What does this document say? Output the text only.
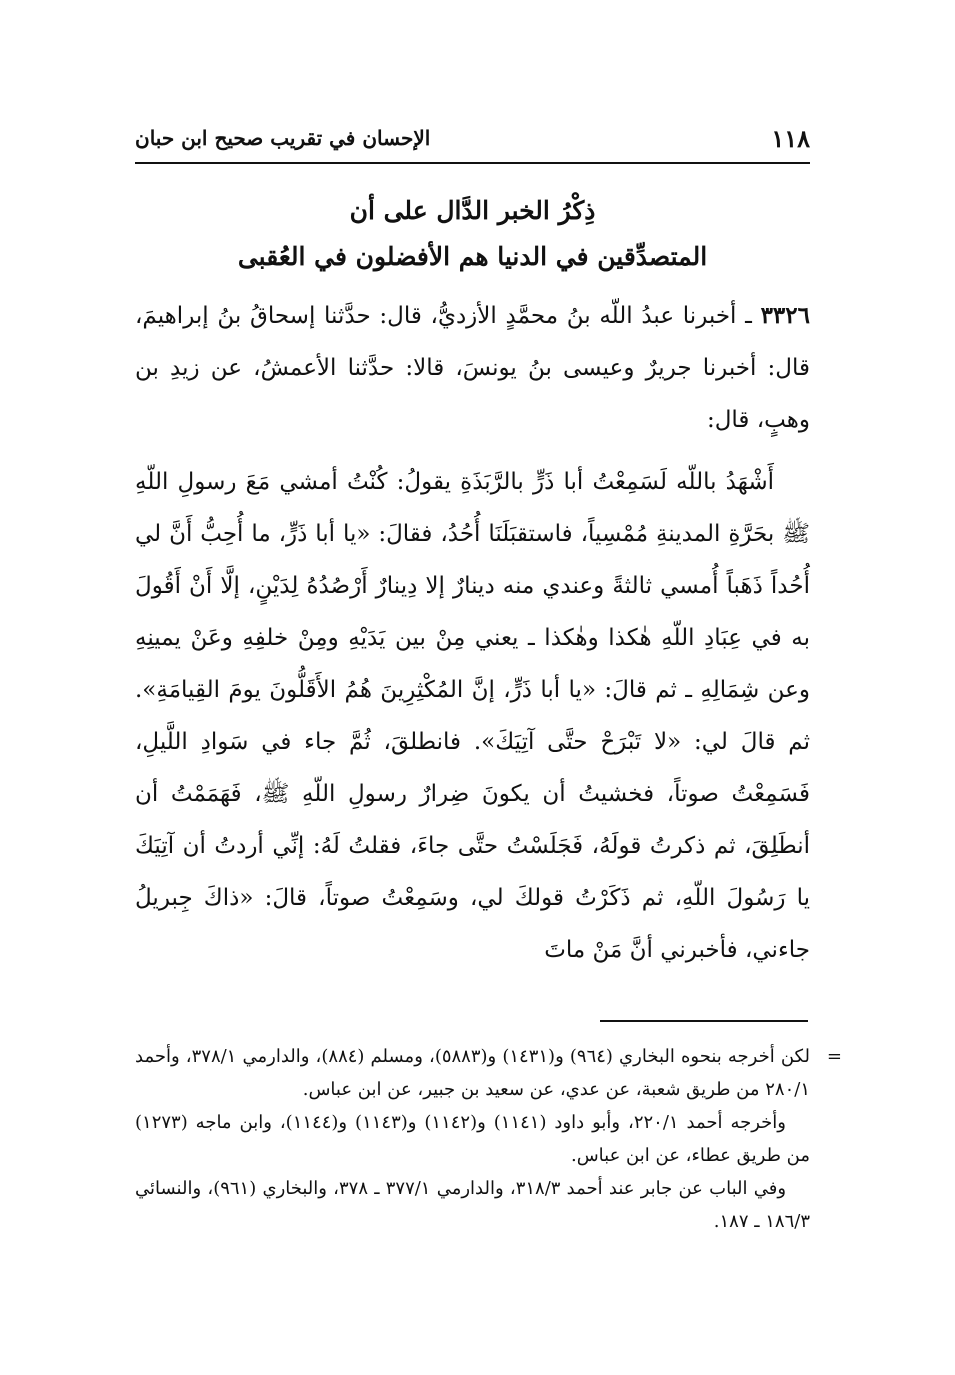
١١٨
الإحسان في تقريب صحيح ابن حبان
ذِكْرُ الخبر الدَّال على أن
المتصدِّقين في الدنيا هم الأفضلون في العُقبى

٣٣٢٦ ـ أخبرنا عبدُ اللّه بنُ محمَّدٍ الأزديُّ، قال: حدَّثنا إسحاقُ بنُ إبراهيمَ، قال: أخبرنا جريرٌ وعيسى بنُ يونسَ، قالا: حدَّثنا الأعمشُ، عن زيدِ بن وهبٍ، قال:

أَشْهَدُ باللّه لَسَمِعْتُ أبا ذَرٍّ بالرَّبَذَةِ يقولُ: كُنْتُ أمشي مَعَ رسولِ اللّهِ ﷺ بحَرَّةِ المدينةِ مُمْسِياً، فاستقبَلَنَا أُحُدُ، فقالَ: «يا أبا ذَرٍّ، ما أُحِبُّ أَنَّ لي أُحُداً ذَهَباً أُمسي ثالثةً وعندي منه دينارٌ إلا دِينارٌ أَرْصُدُهُ لِدَيْنٍ، إلَّا أَنْ أَقُولَ به في عِبَادِ اللّهِ هٰكذا وهٰكذا ـ يعني مِنْ بين يَدَيْهِ ومِنْ خلفِهِ وعَنْ يمينِهِ وعن شِمَالِهِ ـ ثم قالَ: «يا أبا ذَرٍّ، إنَّ المُكْثِرِينَ هُمُ الأَقَلُّونَ يومَ القِيامَةِ». ثم قالَ لي: «لا تَبْرَحْ حتَّى آتِيَكَ». فانطلقَ، ثُمَّ جاء في سَوادِ اللَّيلِ، فَسَمِعْتُ صوتاً، فخشيتُ أن يكونَ ضِرارٌ رسولِ اللّهِ ﷺ، فَهَمَمْتُ أن أنطَلِقَ، ثم ذكرتُ قولَهُ، فَجَلَسْتُ حتَّى جاءَ، فقلتُ لَهُ: إنِّي أردتُ أن آتِيَكَ يا رَسُولَ اللّهِ، ثم ذَكَرْتُ قولكَ لي، وسَمِعْتُ صوتاً، قالَ: «ذاكَ جِبريلُ جاءني، فأخبرني أنَّ مَنْ ماتَ

=
لكن أخرجه بنحوه البخاري (٩٦٤) و(١٤٣١) و(٥٨٨٣)، ومسلم (٨٨٤)، والدارمي ٣٧٨/١، وأحمد ٢٨٠/١ من طريق شعبة، عن عدي، عن سعيد بن جبير، عن ابن عباس.

وأخرجه أحمد ٢٢٠/١، وأبو داود (١١٤١) و(١١٤٢) و(١١٤٣) و(١١٤٤)، وابن ماجه (١٢٧٣) من طريق عطاء، عن ابن عباس.

وفي الباب عن جابر عند أحمد ٣١٨/٣، والدارمي ٣٧٧/١ ـ ٣٧٨، والبخاري (٩٦١)، والنسائي ١٨٦/٣ ـ ١٨٧.
